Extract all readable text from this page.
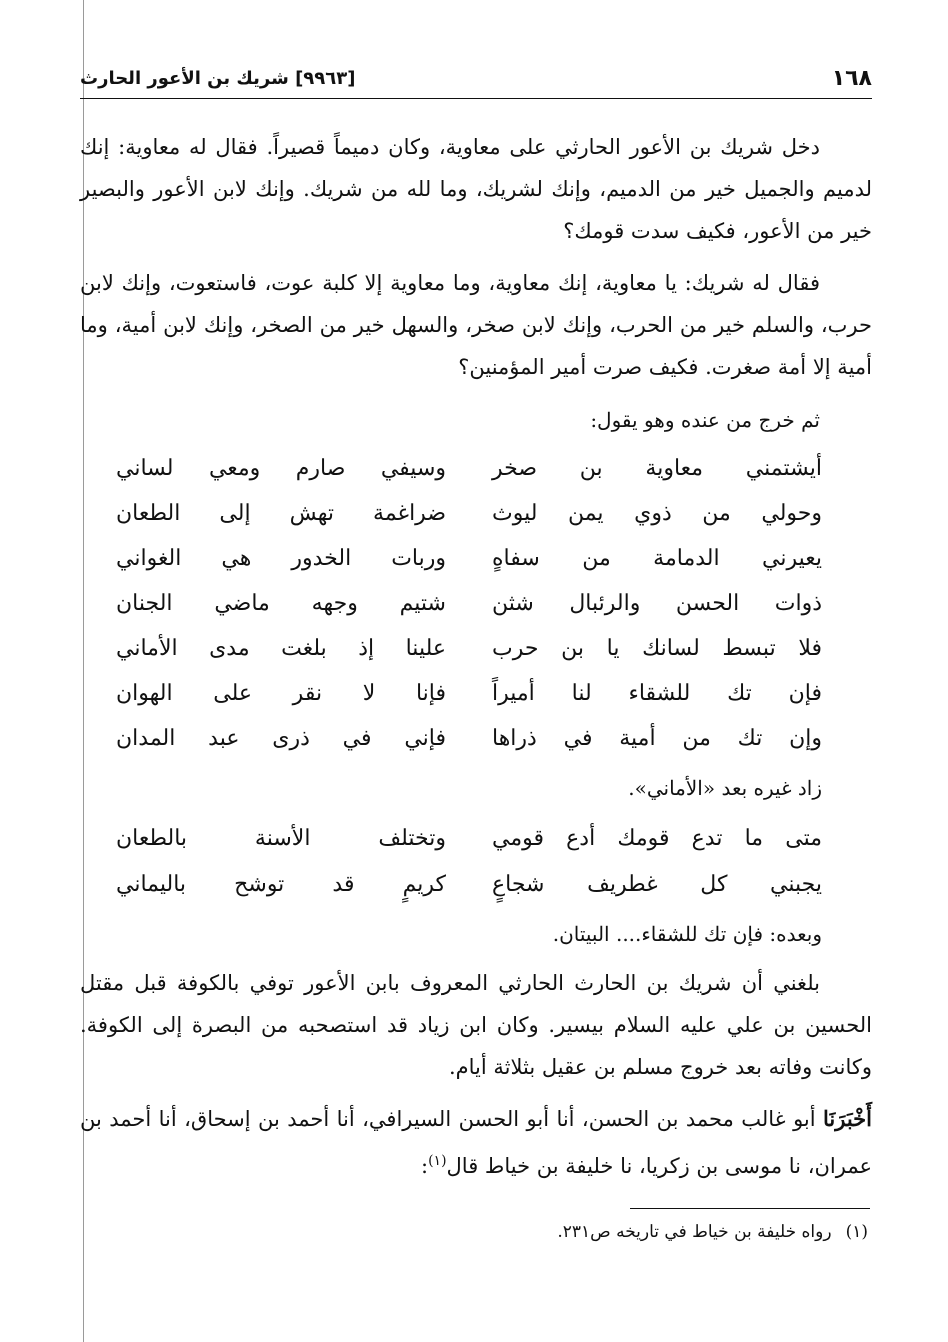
١٦٨
[٩٩٦٣] شريك بن الأعور الحارث
دخل شريك بن الأعور الحارثي على معاوية، وكان دميماً قصيراً. فقال له معاوية: إنك لدميم والجميل خير من الدميم، وإنك لشريك، وما لله من شريك. وإنك لابن الأعور والبصير خير من الأعور، فكيف سدت قومك؟
فقال له شريك: يا معاوية، إنك معاوية، وما معاوية إلا كلبة عوت، فاستعوت، وإنك لابن حرب، والسلم خير من الحرب، وإنك لابن صخر، والسهل خير من الصخر، وإنك لابن أمية، وما أمية إلا أمة صغرت. فكيف صرت أمير المؤمنين؟
ثم خرج من عنده وهو يقول:
أيشتمني معاوية بن صخر
وسيفي صارم ومعي لساني
وحولي من ذوي يمن ليوث
ضراغمة تهش إلى الطعان
يعيرني الدمامة من سفاهٍ
وربات الخدور هي الغواني
ذوات الحسن والرئبال شثن
شتيم وجهه ماضي الجنان
فلا تبسط لسانك يا بن حرب
علينا إذ بلغت مدى الأماني
فإن تك للشقاء لنا أميراً
فإنا لا نقر على الهوان
وإن تك من أمية في ذراها
فإني في ذرى عبد المدان
زاد غيره بعد «الأماني».
متى ما تدع قومك أدع قومي
وتختلف الأسنة بالطعان
يجبني كل غطريف شجاعٍ
كريمٍ قد توشح باليماني
وبعده: فإن تك للشقاء.... البيتان.
بلغني أن شريك بن الحارث الحارثي المعروف بابن الأعور توفي بالكوفة قبل مقتل الحسين بن علي عليه السلام بيسير. وكان ابن زياد قد استصحبه من البصرة إلى الكوفة. وكانت وفاته بعد خروج مسلم بن عقيل بثلاثة أيام.
أَخْبَرَنَا أبو غالب محمد بن الحسن، أنا أبو الحسن السيرافي، أنا أحمد بن إسحاق، أنا أحمد بن عمران، نا موسى بن زكريا، نا خليفة بن خياط قال$^{(١)}$:
(١)رواه خليفة بن خياط في تاريخه ص٢٣١.
